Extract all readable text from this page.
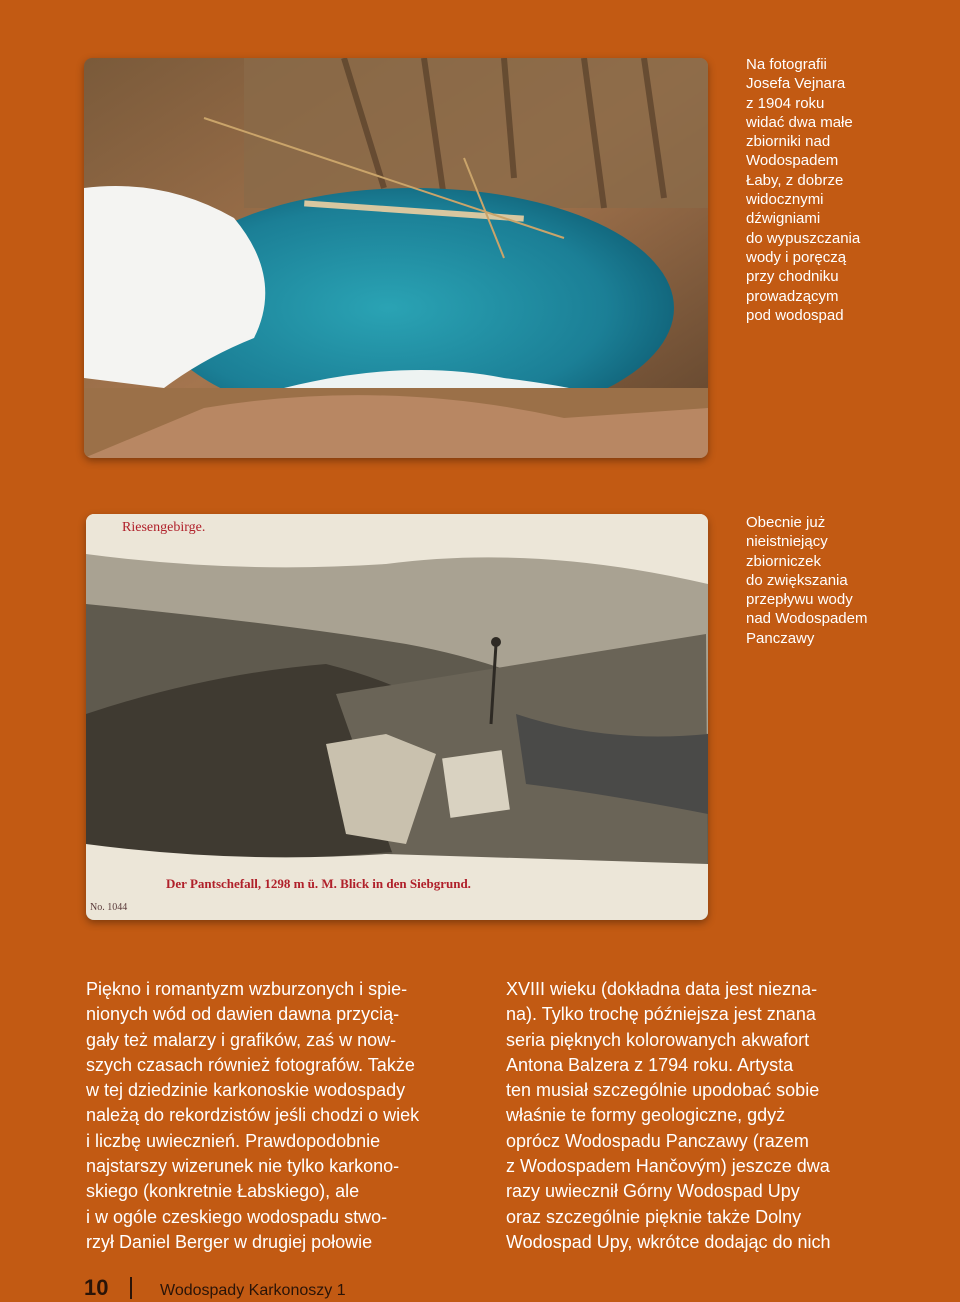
Riesengebirge.
Der Pantschefall, 1298 m ü. M. Blick in den Siebgrund.
No. 1044
Na fotografii
Josefa Vejnara
z 1904 roku
widać dwa małe
zbiorniki nad
Wodospadem
Łaby, z dobrze
widocznymi
dźwigniami
do wypuszczania
wody i poręczą
przy chodniku
prowadzącym
pod wodospad
Obecnie już
nieistniejący
zbiorniczek
do zwiększania
przepływu wody
nad Wodospadem
Panczawy
Piękno i romantyzm wzburzonych i spie-
nionych wód od dawien dawna przycią-
gały też malarzy i grafików, zaś w now-
szych czasach również fotografów. Także
w tej dziedzinie karkonoskie wodospady
należą do rekordzistów jeśli chodzi o wiek
i liczbę uwiecznień. Prawdopodobnie
najstarszy wizerunek nie tylko karkono-
skiego (konkretnie Łabskiego), ale
i w ogóle czeskiego wodospadu stwo-
rzył Daniel Berger w drugiej połowie
XVIII wieku (dokładna data jest niezna-
na). Tylko trochę późniejsza jest znana
seria pięknych kolorowanych akwafort
Antona Balzera z 1794 roku. Artysta
ten musiał szczególnie upodobać sobie
właśnie te formy geologiczne, gdyż
oprócz Wodospadu Panczawy (razem
z Wodospadem Hančovým) jeszcze dwa
razy uwiecznił Górny Wodospad Upy
oraz szczególnie pięknie także Dolny
Wodospad Upy, wkrótce dodając do nich
10	Wodospady Karkonoszy 1
